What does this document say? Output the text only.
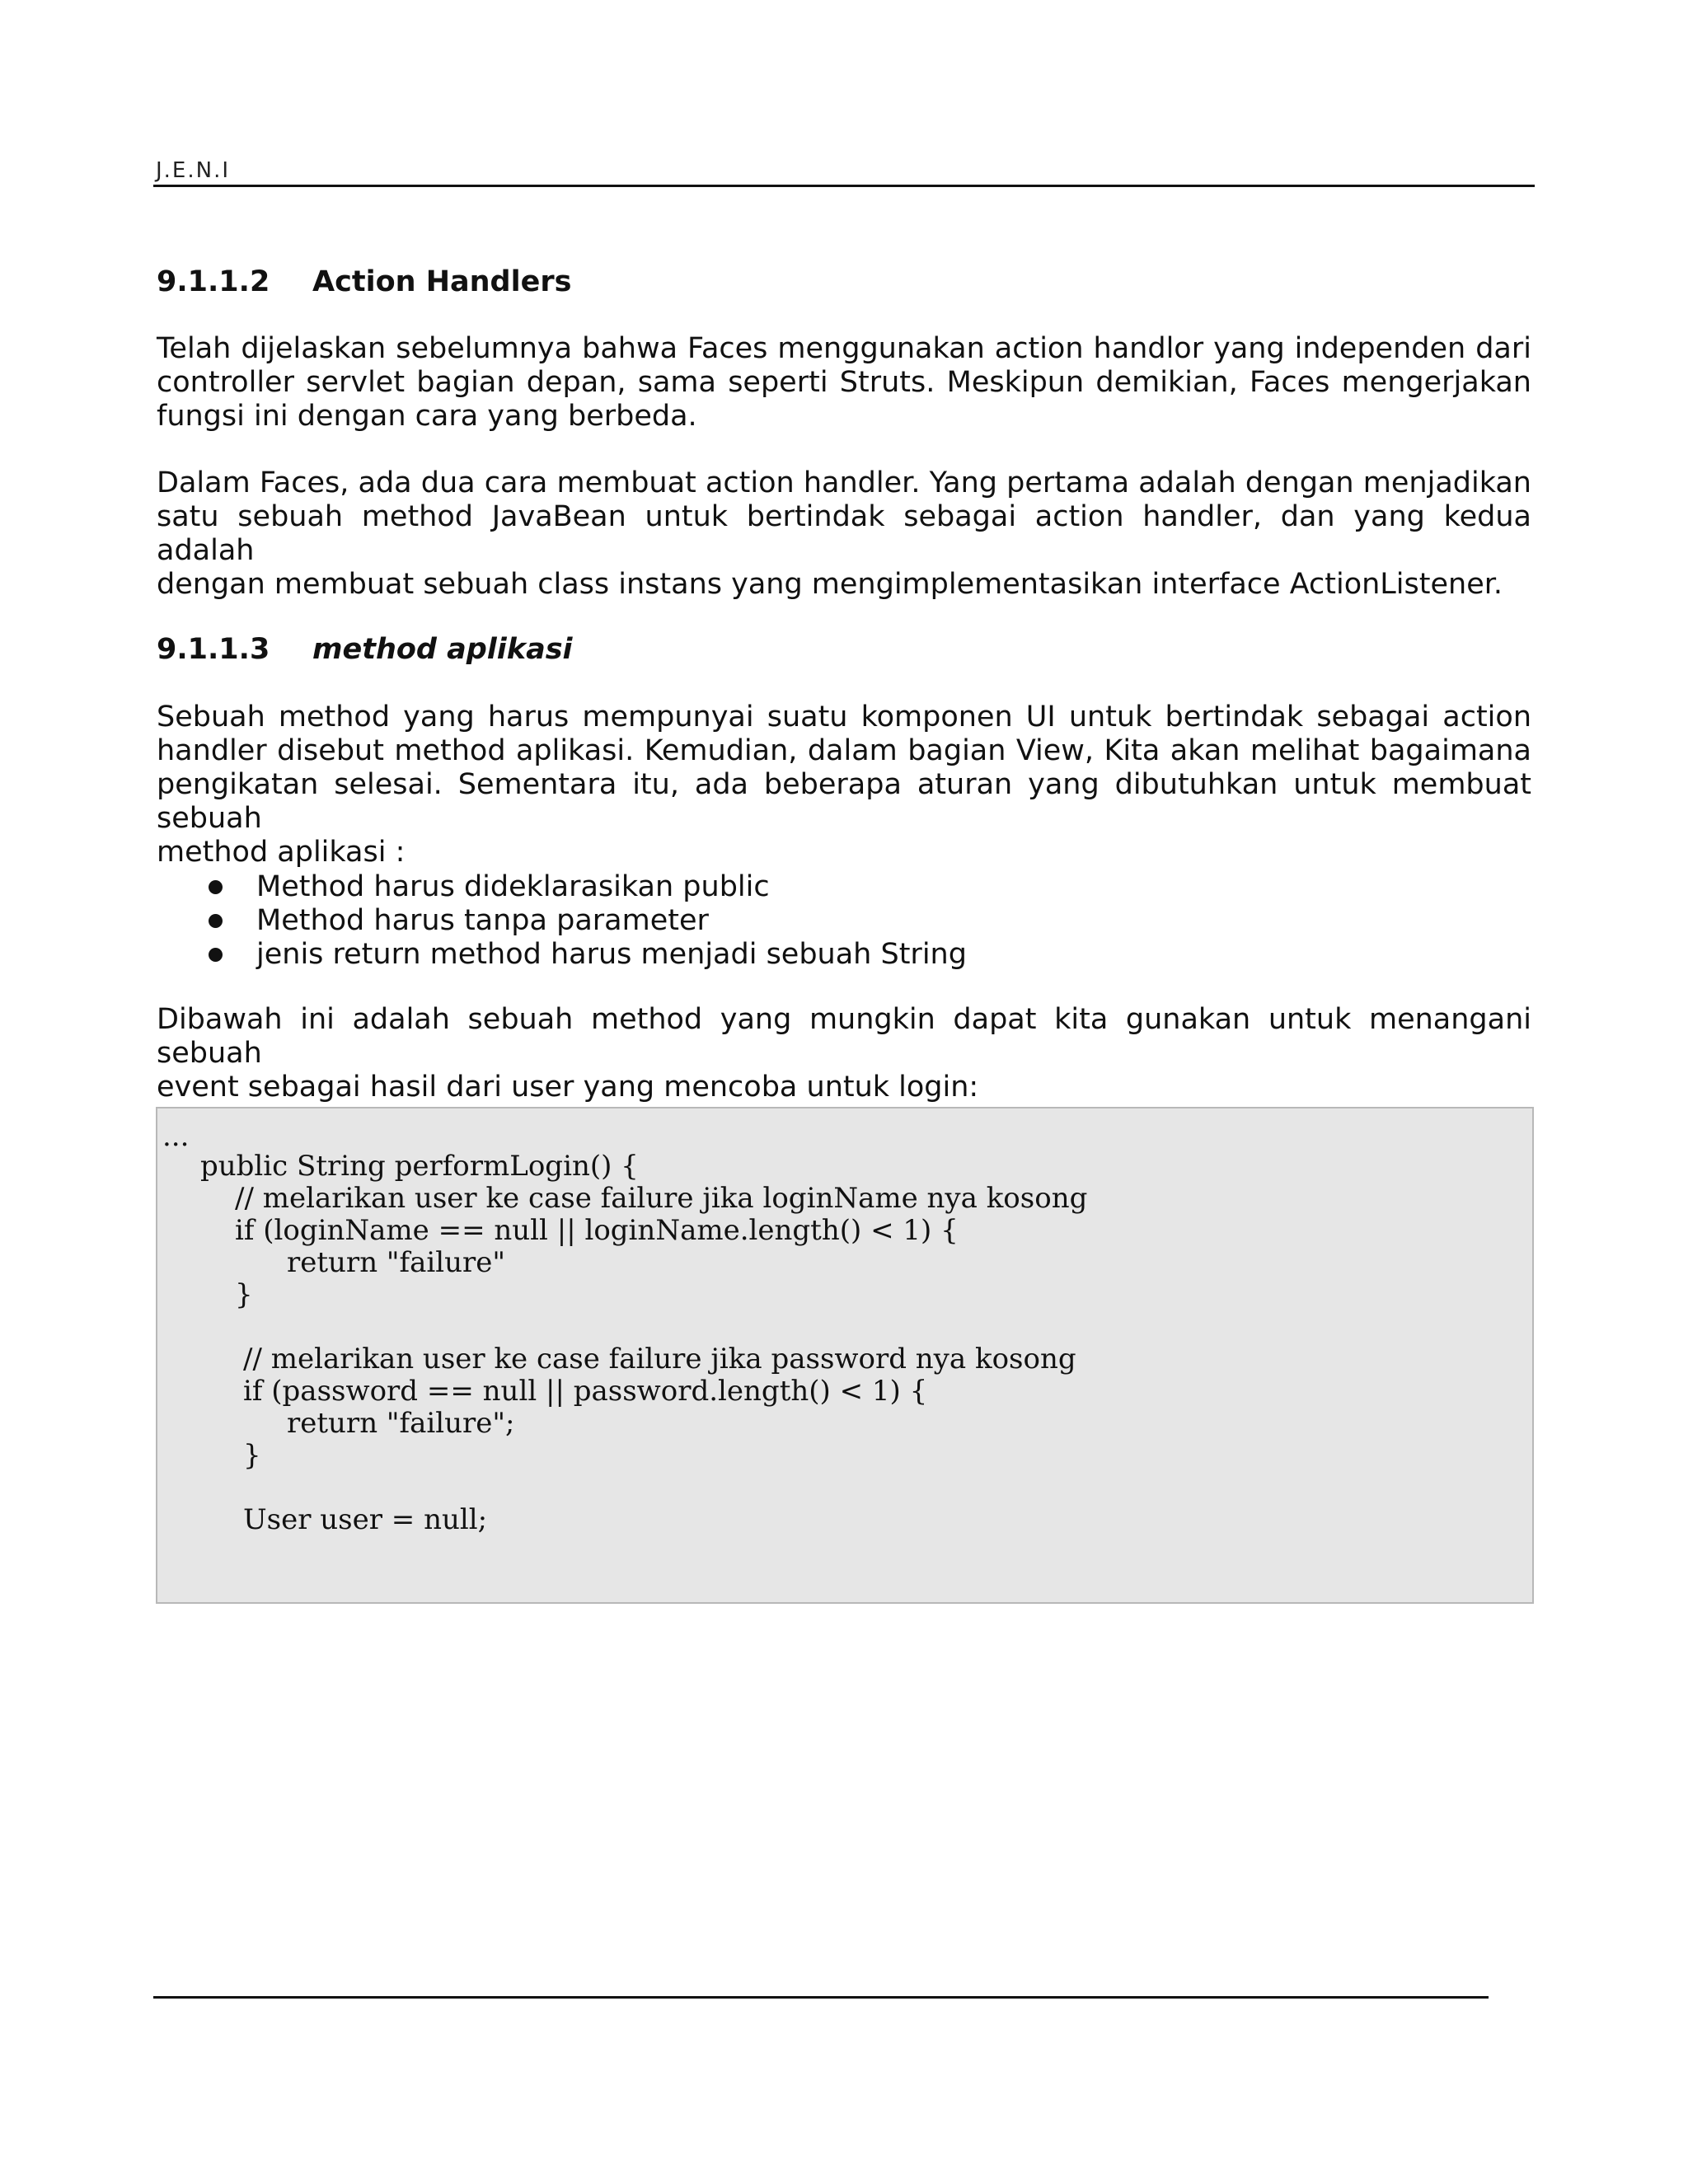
J.E.N.I
9.1.1.2 Action Handlers
Telah dijelaskan sebelumnya bahwa Faces menggunakan action handlor yang independen dari
controller servlet bagian depan, sama seperti Struts. Meskipun demikian, Faces mengerjakan
fungsi ini dengan cara yang berbeda.
Dalam Faces, ada dua cara membuat action handler. Yang pertama adalah dengan menjadikan
satu sebuah method JavaBean untuk bertindak sebagai action handler, dan yang kedua adalah
dengan membuat sebuah class instans yang mengimplementasikan interface ActionListener.
9.1.1.3 method aplikasi
Sebuah method yang harus mempunyai suatu komponen UI untuk bertindak sebagai action
handler disebut method aplikasi. Kemudian, dalam bagian View, Kita akan melihat bagaimana
pengikatan selesai. Sementara itu, ada beberapa aturan yang dibutuhkan untuk membuat sebuah
method aplikasi :
Method harus dideklarasikan public
Method harus tanpa parameter
jenis return method harus menjadi sebuah String
Dibawah ini adalah sebuah method yang mungkin dapat kita gunakan untuk menangani sebuah
event sebagai hasil dari user yang mencoba untuk login:
...
public String performLogin() {
// melarikan user ke case failure jika loginName nya kosong
if (loginName == null || loginName.length() < 1) {
return "failure"
}
// melarikan user ke case failure jika password nya kosong
if (password == null || password.length() < 1) {
return "failure";
}
User user = null;
